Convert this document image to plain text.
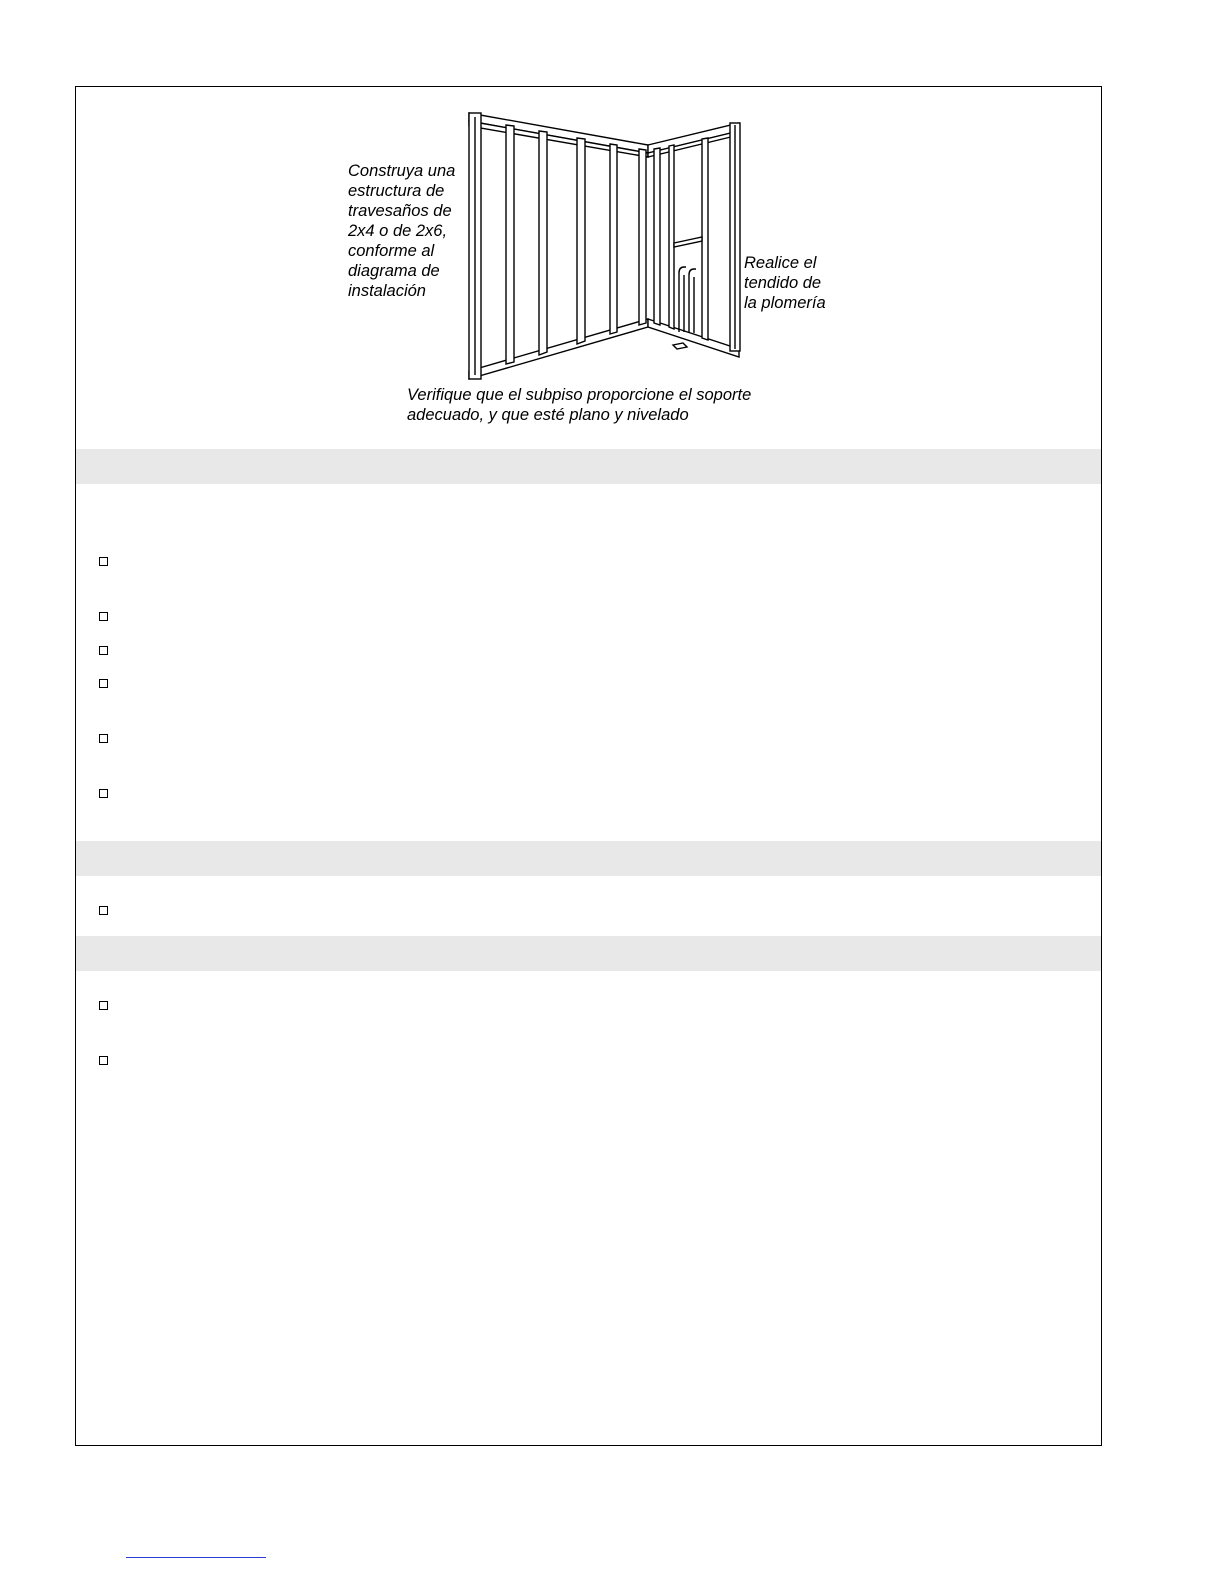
Construya una
estructura de
travesaños de
2x4 o de 2x6,
conforme al
diagrama de
instalación
Realice el
tendido de
la plomería
Verifique que el subpiso proporcione el soporte
adecuado, y que esté plano y nivelado
